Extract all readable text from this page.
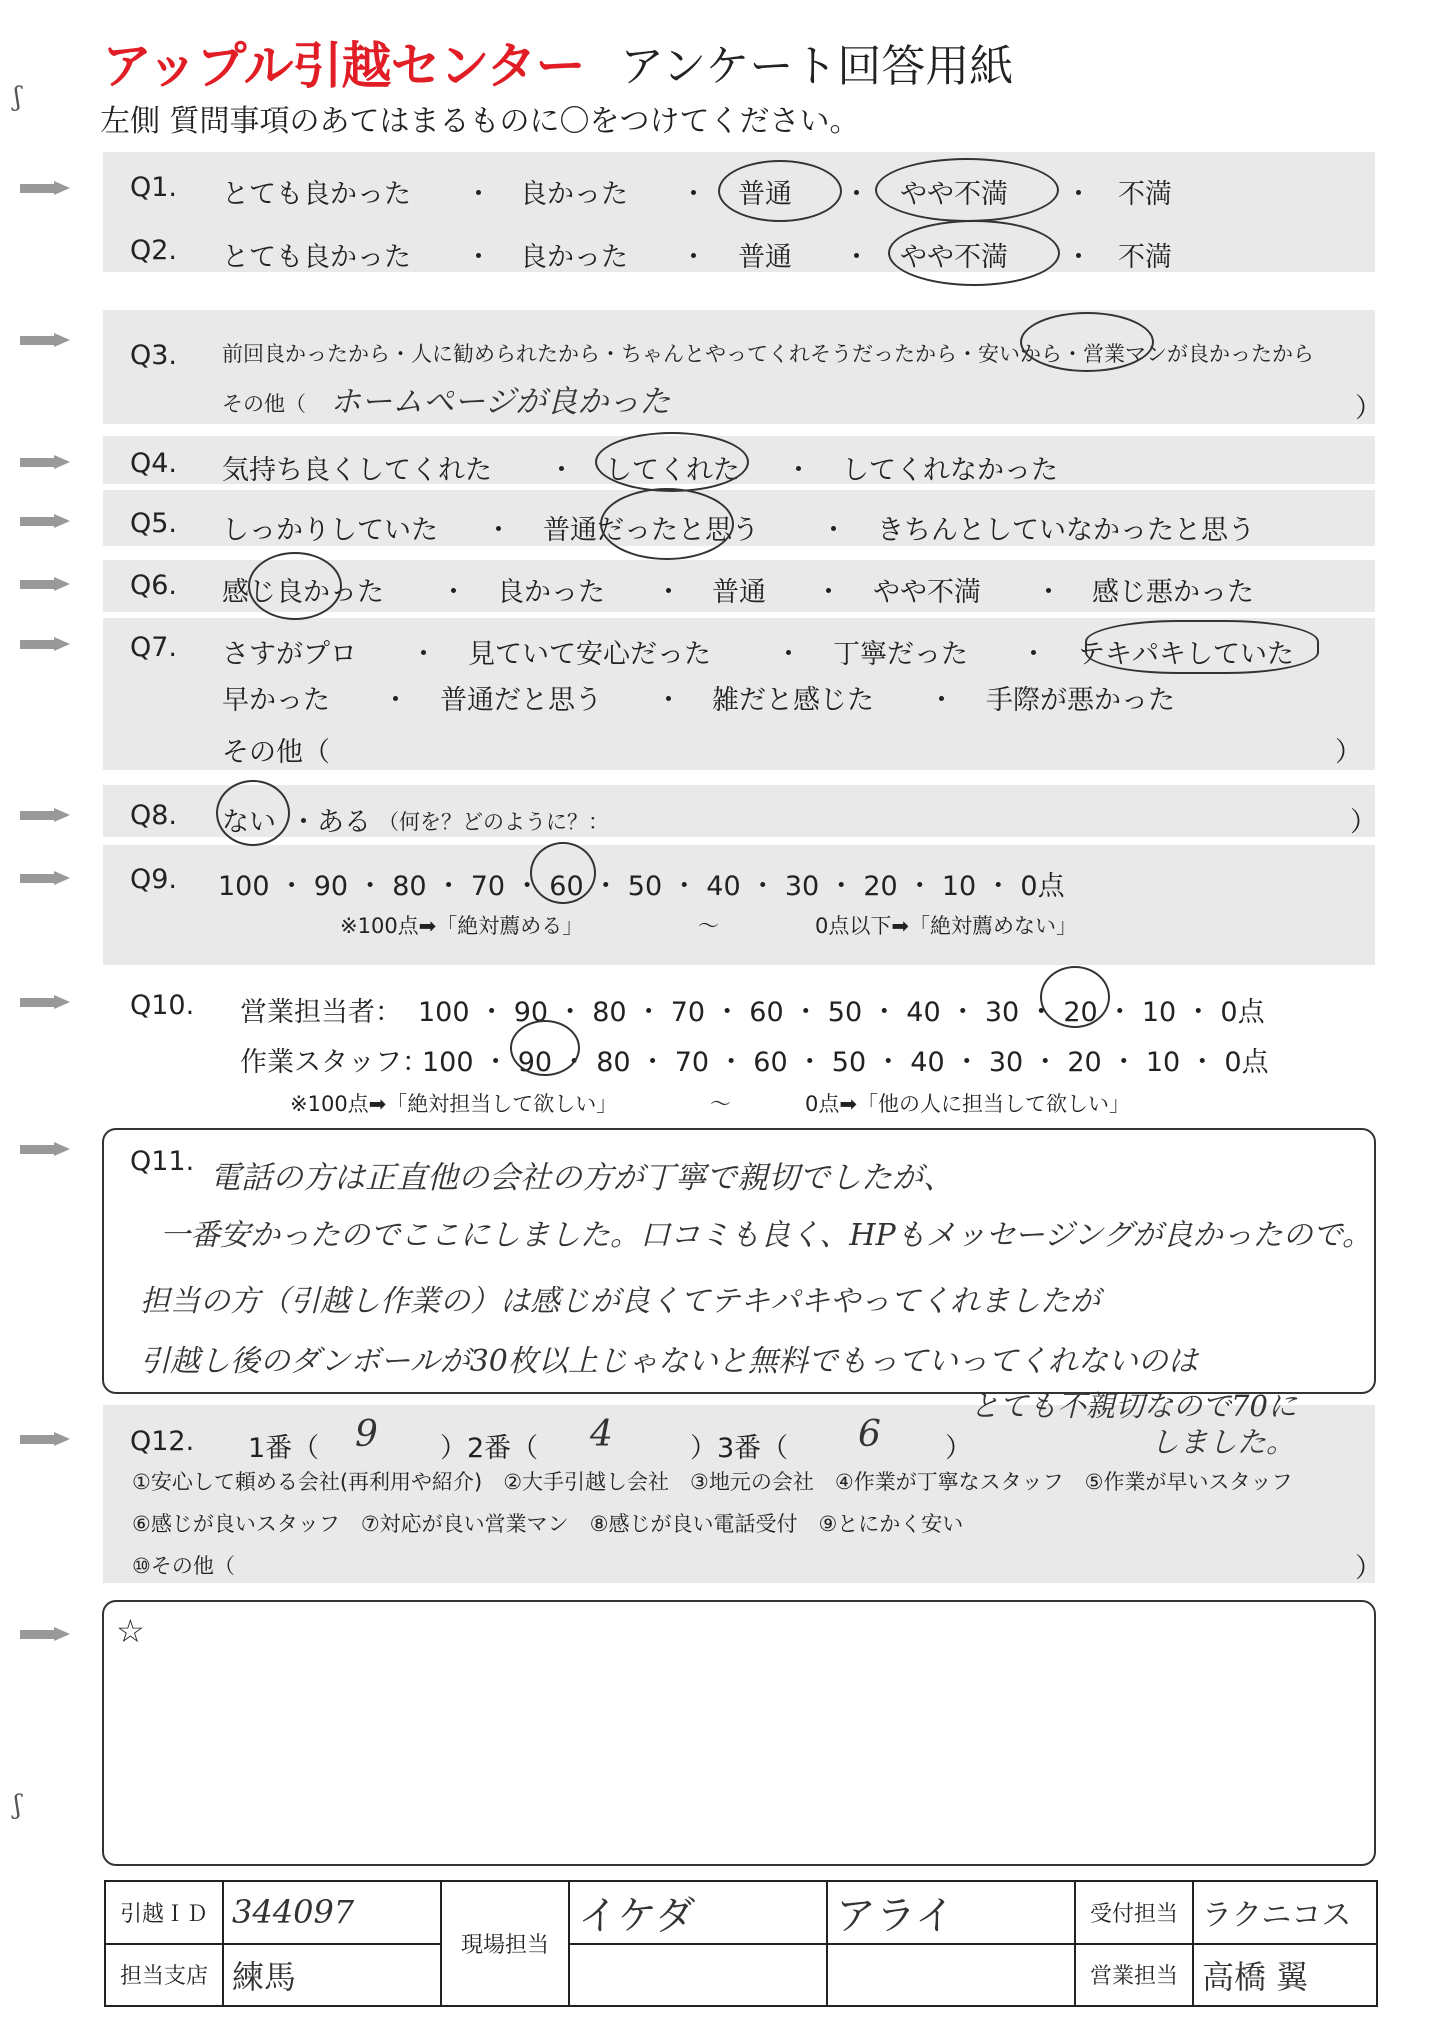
アップル引越センター アンケート回答用紙
左側 質問事項のあてはまるものに〇をつけてください。
ʃ
ʃ
Q1. とても良かった ・ 良かった ・ 普通 ・ やや不満 ・ 不満
Q2. とても良かった ・ 良かった ・ 普通 ・ やや不満 ・ 不満
Q3. 前回良かったから・人に勧められたから・ちゃんとやってくれそうだったから・安いから・営業マンが良かったから
その他（ ホームページが良かった	）
Q4. 気持ち良くしてくれた ・ してくれた ・ してくれなかった
Q5. しっかりしていた ・ 普通だったと思う ・ きちんとしていなかったと思う
Q6. 感じ良かった ・ 良かった ・ 普通 ・ やや不満 ・ 感じ悪かった
Q7. さすがプロ ・ 見ていて安心だった ・ 丁寧だった ・ テキパキしていた
早かった ・ 普通だと思う ・ 雑だと感じた ・ 手際が悪かった
その他（	）
Q8. ない ・ある （何を？どのように？：	）
Q9. 100 ・ 90 ・ 80 ・ 70 ・ 60 ・ 50 ・ 40 ・ 30 ・ 20 ・ 10 ・ 0点
※100点➡「絶対薦める」	〜	0点以下➡「絶対薦めない」
Q10. 営業担当者： 100 ・ 90 ・ 80 ・ 70 ・ 60 ・ 50 ・ 40 ・ 30 ・ 20 ・ 10 ・ 0点
作業スタッフ：
100 ・ 90 ・ 80 ・ 70 ・ 60 ・ 50 ・ 40 ・ 30 ・ 20 ・ 10 ・ 0点
※100点➡「絶対担当して欲しい」	〜	0点➡「他の人に担当して欲しい」
Q11. 電話の方は正直他の会社の方が丁寧で親切でしたが、
一番安かったのでここにしました。口コミも良く、HPもメッセージングが良かったので。
担当の方（引越し作業の）は感じが良くてテキパキやってくれましたが
引越し後のダンボールが30枚以上じゃないと無料でもっていってくれないのは
とても不親切なので70に
しました。
Q12. 1番（ 9 ）2番（ 4	）3番（ 6 ）
①安心して頼める会社(再利用や紹介)　②大手引越し会社　③地元の会社　④作業が丁寧なスタッフ　⑤作業が早いスタッフ
⑥感じが良いスタッフ　⑦対応が良い営業マン　⑧感じが良い電話受付　⑨とにかく安い
⑩その他（	）
☆
引越ＩＤ	344097	現場担当	イケダ	アライ	受付担当	ラクニコス
担当支店	練馬				営業担当	高橋 翼
